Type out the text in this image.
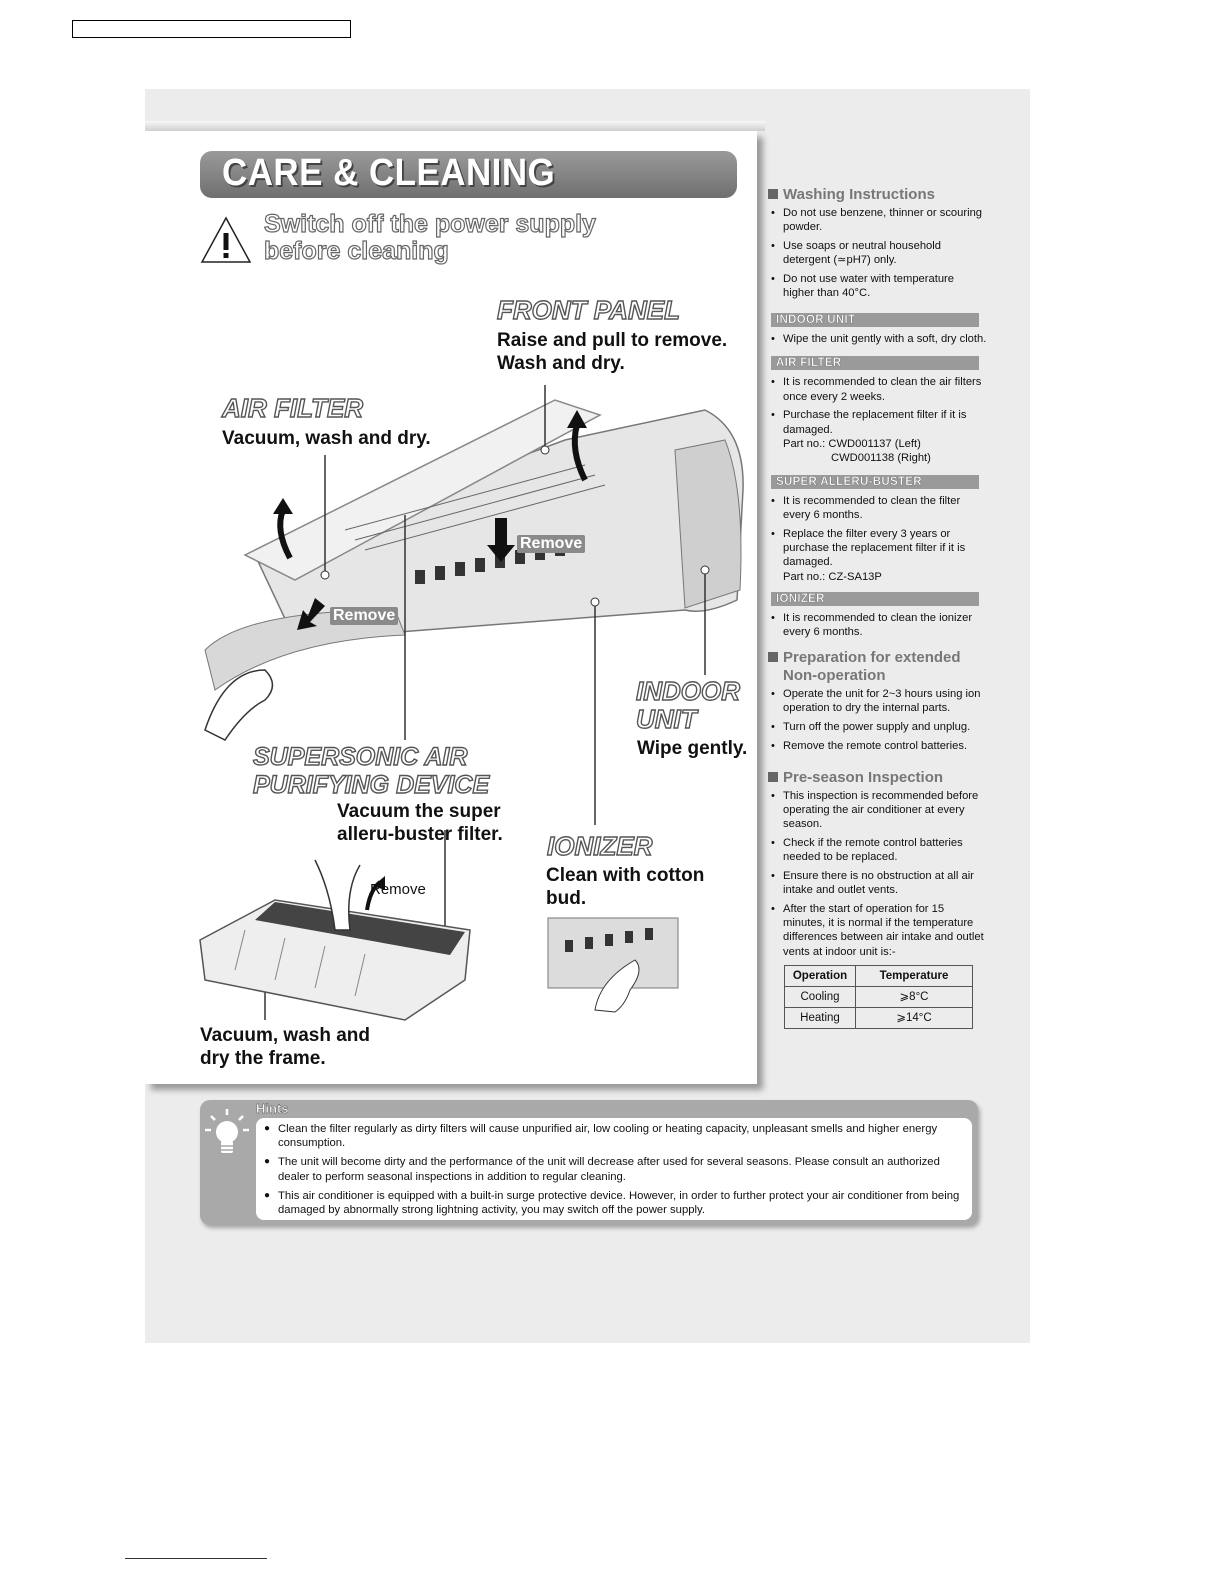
CARE & CLEANING
Switch off the power supply
before cleaning
Remove
Remove
Remove
FRONT PANEL
Raise and pull to remove.
Wash and dry.
AIR FILTER
Vacuum, wash and dry.
INDOOR
UNIT
Wipe gently.
SUPERSONIC AIR
PURIFYING DEVICE
Vacuum the super
alleru-buster filter. IONIZER
Clean with cotton
bud.
Vacuum, wash and
dry the frame.
Washing Instructions
• Do not use benzene, thinner or scouring powder.
• Use soaps or neutral household detergent (≃pH7) only.
• Do not use water with temperature higher than 40°C.
INDOOR UNIT
• Wipe the unit gently with a soft, dry cloth.
AIR FILTER
• It is recommended to clean the air filters once every 2 weeks.
• Purchase the replacement filter if it is damaged.
Part no.: CWD001137 (Left)
CWD001138 (Right)
SUPER ALLERU-BUSTER
• It is recommended to clean the filter every 6 months.
• Replace the filter every 3 years or purchase the replacement filter if it is damaged.
Part no.: CZ-SA13P
IONIZER
• It is recommended to clean the ionizer every 6 months.
Preparation for extended
Non-operation
• Operate the unit for 2~3 hours using ion operation to dry the internal parts.
• Turn off the power supply and unplug.
• Remove the remote control batteries.
Pre-season Inspection
• This inspection is recommended before operating the air conditioner at every season.
• Check if the remote control batteries needed to be replaced.
• Ensure there is no obstruction at all air intake and outlet vents.
• After the start of operation for 15 minutes, it is normal if the temperature differences between air intake and outlet vents at indoor unit is:-
Operation	Temperature
Cooling	⩾8°C
Heating	⩾14°C
Hints
● Clean the filter regularly as dirty filters will cause unpurified air, low cooling or heating capacity, unpleasant smells and higher energy consumption.
● The unit will become dirty and the performance of the unit will decrease after used for several seasons. Please consult an authorized dealer to perform seasonal inspections in addition to regular cleaning.
● This air conditioner is equipped with a built-in surge protective device. However, in order to further protect your air conditioner from being damaged by abnormally strong lightning activity, you may switch off the power supply.
